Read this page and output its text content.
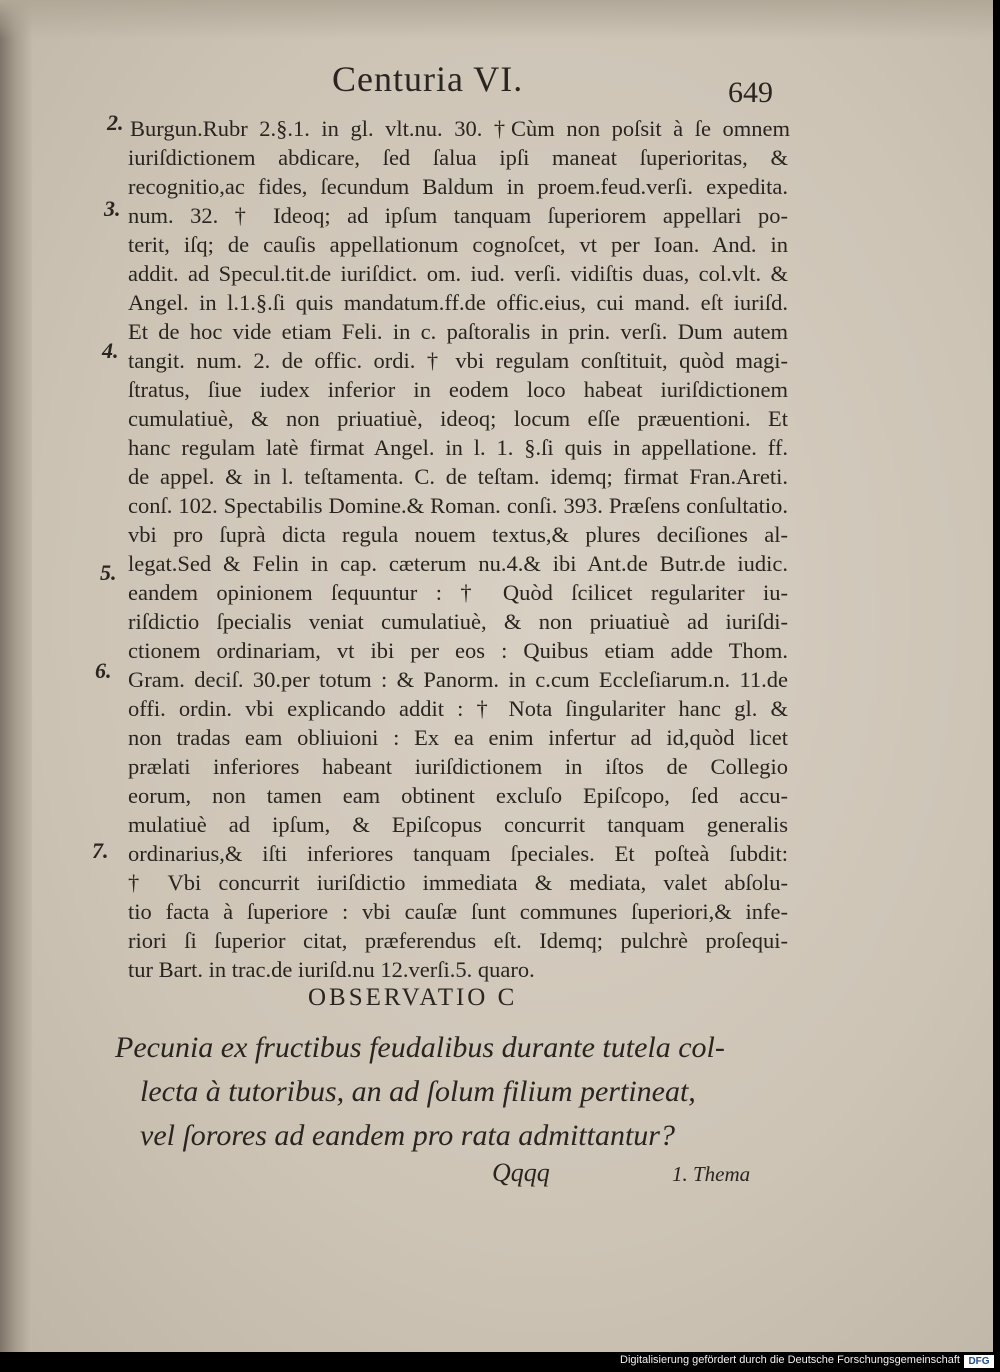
Centuria VI.	649
2.
3.
4.
5.
6.
7.
Burgun.Rubr 2.§.1. in gl. vlt.nu. 30. †Cùm non poſsit à ſe omnem
iuriſdictionem abdicare, ſed ſalua ipſi maneat ſuperioritas, &
recognitio,ac fides, ſecundum Baldum in proem.feud.verſi. expedita.
num. 32. † Ideoq; ad ipſum tanquam ſuperiorem appellari po-
terit, iſq; de cauſis appellationum cognoſcet, vt per Ioan. And. in
addit. ad Specul.tit.de iuriſdict. om. iud. verſi. vidiſtis duas, col.vlt. &
Angel. in l.1.§.ſi quis mandatum.ff.de offic.eius, cui mand. eſt iuriſd.
Et de hoc vide etiam Feli. in c. paſtoralis in prin. verſi. Dum autem
tangit. num. 2. de offic. ordi. † vbi regulam conſtituit, quòd magi-
ſtratus, ſiue iudex inferior in eodem loco habeat iuriſdictionem
cumulatiuè, & non priuatiuè, ideoq; locum eſſe præuentioni. Et
hanc regulam latè firmat Angel. in l. 1. §.ſi quis in appellatione. ff.
de appel. & in l. teſtamenta. C. de teſtam. idemq; firmat Fran.Areti.
conſ. 102. Spectabilis Domine.& Roman. conſi. 393. Præſens conſultatio.
vbi pro ſuprà dicta regula nouem textus,& plures deciſiones al-
legat.Sed & Felin in cap. cæterum nu.4.& ibi Ant.de Butr.de iudic.
eandem opinionem ſequuntur : † Quòd ſcilicet regulariter iu-
riſdictio ſpecialis veniat cumulatiuè, & non priuatiuè ad iuriſdi-
ctionem ordinariam, vt ibi per eos : Quibus etiam adde Thom.
Gram. deciſ. 30.per totum : & Panorm. in c.cum Eccleſiarum.n. 11.de
offi. ordin. vbi explicando addit : † Nota ſingulariter hanc gl. &
non tradas eam obliuioni : Ex ea enim infertur ad id,quòd licet
prælati inferiores habeant iuriſdictionem in iſtos de Collegio
eorum, non tamen eam obtinent excluſo Epiſcopo, ſed accu-
mulatiuè ad ipſum, & Epiſcopus concurrit tanquam generalis
ordinarius,& iſti inferiores tanquam ſpeciales. Et poſteà ſubdit:
† Vbi concurrit iuriſdictio immediata & mediata, valet abſolu-
tio facta à ſuperiore : vbi cauſæ ſunt communes ſuperiori,& infe-
riori ſi ſuperior citat, præferendus eſt. Idemq; pulchrè proſequi-
tur Bart. in trac.de iuriſd.nu 12.verſi.5. quaro.
OBSERVATIO C
Pecunia ex fructibus feudalibus durante tutela col-
lecta à tutoribus, an ad ſolum filium pertineat,
vel ſorores ad eandem pro rata admittantur?
Qqqq	1. Thema
Digitalisierung gefördert durch die Deutsche Forschungsgemeinschaft DFG
